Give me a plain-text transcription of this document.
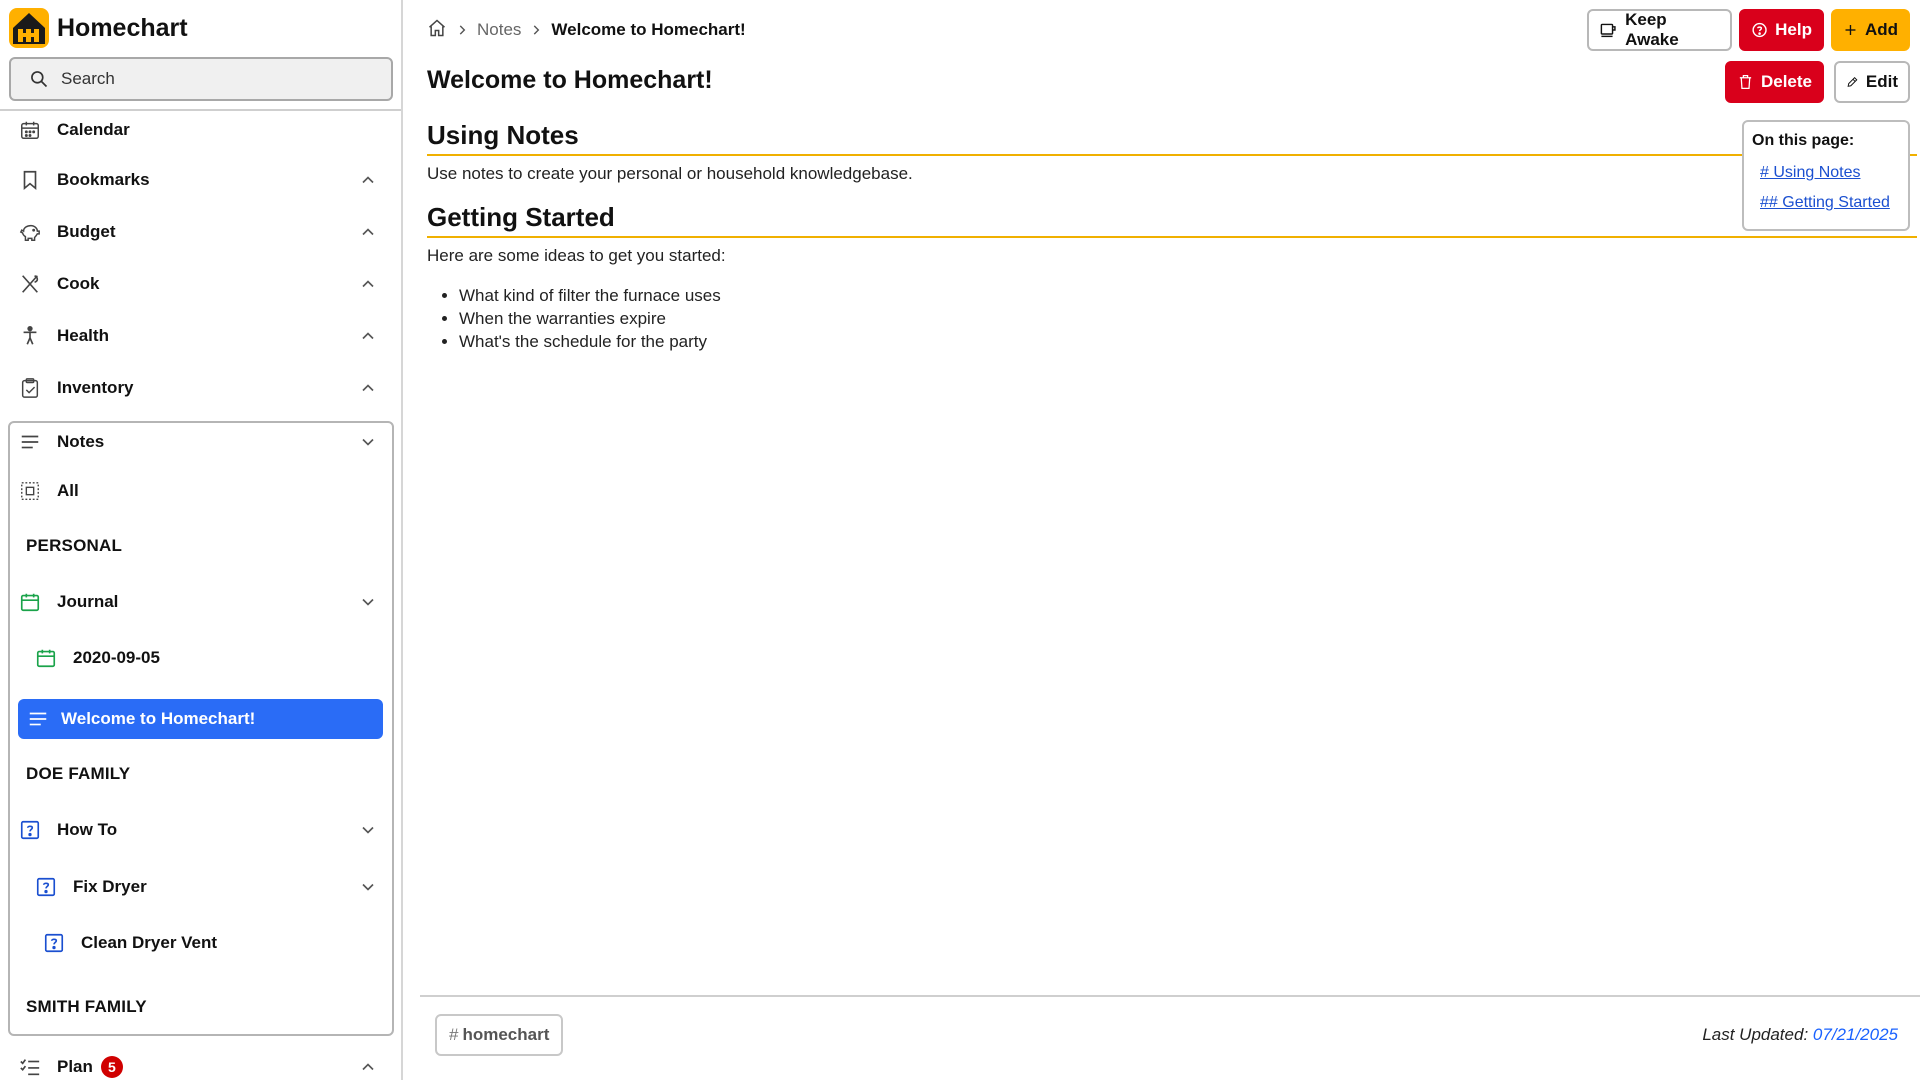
Homechart
Search
Calendar
Bookmarks
Budget
Cook
Health
Inventory
Notes
All
PERSONAL
Journal
2020-09-05
Welcome to Homechart!
DOE FAMILY
How To
Fix Dryer
Clean Dryer Vent
SMITH FAMILY
Plan	5
Notes Welcome to Homechart!
Keep Awake
Help	Add
Delete	Edit
Welcome to Homechart!
Using Notes

Use notes to create your personal or household knowledgebase.

Getting Started

Here are some ideas to get you started:

• What kind of filter the furnace uses
• When the warranties expire
• What's the schedule for the party
On this page:
# Using Notes
## Getting Started
# homechart	Last Updated: 07/21/2025
